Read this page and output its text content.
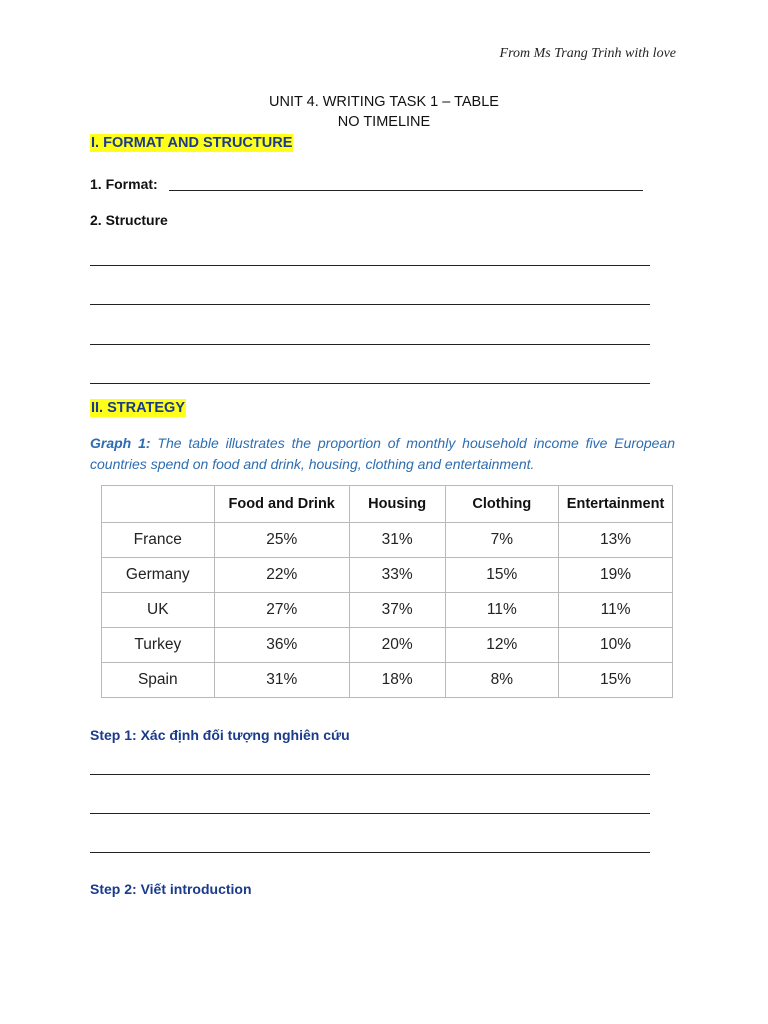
From Ms Trang Trinh with love
UNIT 4. WRITING TASK 1 – TABLE
NO TIMELINE
I. FORMAT AND STRUCTURE
1. Format:
2. Structure
II. STRATEGY
Graph 1: The table illustrates the proportion of monthly household income five European countries spend on food and drink, housing, clothing and entertainment.
	Food and Drink	Housing	Clothing	Entertainment
France	25%	31%	7%	13%
Germany	22%	33%	15%	19%
UK	27%	37%	11%	11%
Turkey	36%	20%	12%	10%
Spain	31%	18%	8%	15%
Step 1: Xác định đối tượng nghiên cứu
Step 2: Viết introduction
